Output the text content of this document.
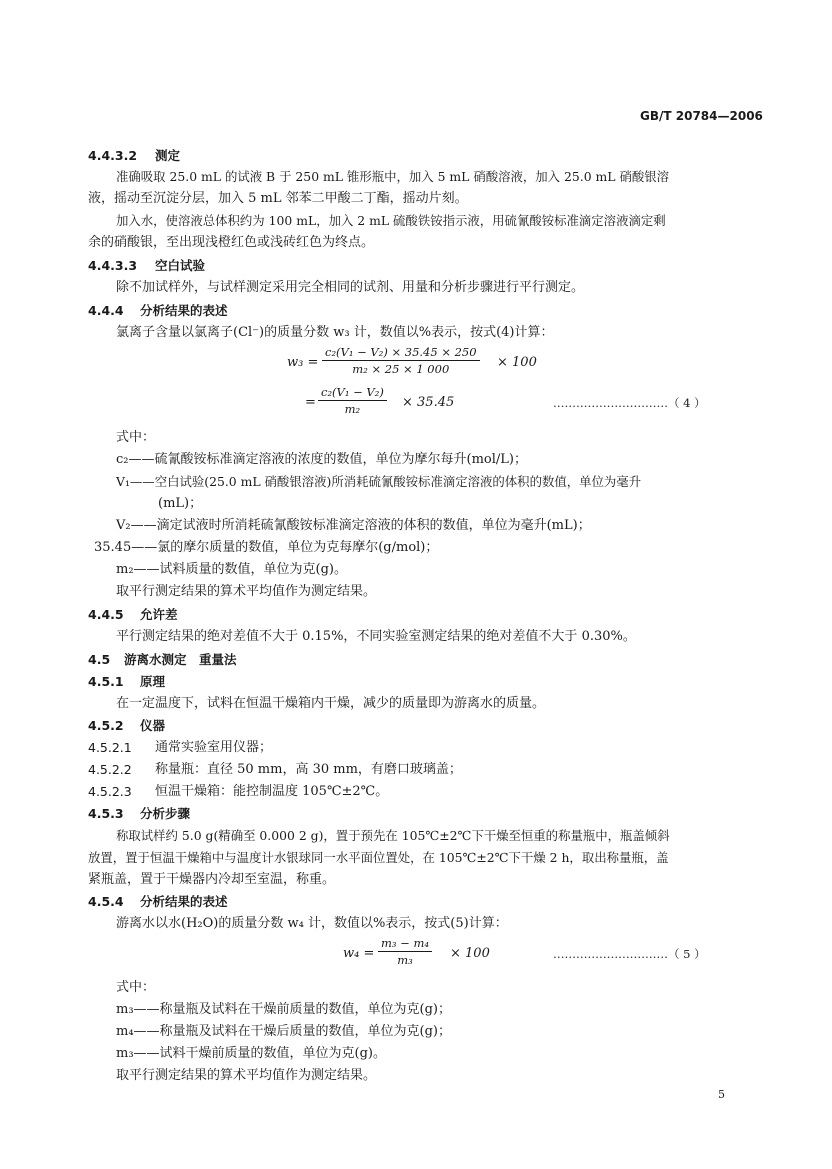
GB/T 20784—2006
4.4.3.2 测定
准确吸取 25.0 mL 的试液 B 于 250 mL 锥形瓶中，加入 5 mL 硝酸溶液，加入 25.0 mL 硝酸银溶
液，摇动至沉淀分层，加入 5 mL 邻苯二甲酸二丁酯，摇动片刻。
加入水，使溶液总体积约为 100 mL，加入 2 mL 硫酸铁铵指示液，用硫氰酸铵标准滴定溶液滴定剩
余的硝酸银，至出现浅橙红色或浅砖红色为终点。
4.4.3.3 空白试验
除不加试样外，与试样测定采用完全相同的试剂、用量和分析步骤进行平行测定。
4.4.4 分析结果的表述
氯离子含量以氯离子(Cl⁻)的质量分数 w₃ 计，数值以%表示，按式(4)计算：
$w_3 = \frac{\text{c₂(V₁ − V₂) × 35.45 × 250}}{\text{m₂ × 25 × 1 000}} \times 100$
= $\frac{\text{c₂(V₁ − V₂)}}{\text{m₂}} \times 35.45$	…………………………（ 4 ）
式中：
c₂——硫氰酸铵标准滴定溶液的浓度的数值，单位为摩尔每升(mol/L)；
V₁——空白试验(25.0 mL 硝酸银溶液)所消耗硫氰酸铵标准滴定溶液的体积的数值，单位为毫升
(mL)；
V₂——滴定试液时所消耗硫氰酸铵标准滴定溶液的体积的数值，单位为毫升(mL)；
35.45——氯的摩尔质量的数值，单位为克每摩尔(g/mol)；
m₂——试料质量的数值，单位为克(g)。
取平行测定结果的算术平均值作为测定结果。
4.4.5 允许差
平行测定结果的绝对差值不大于 0.15%，不同实验室测定结果的绝对差值不大于 0.30%。
4.5 游离水测定　重量法
4.5.1 原理
在一定温度下，试料在恒温干燥箱内干燥，减少的质量即为游离水的质量。
4.5.2 仪器
4.5.2.1 通常实验室用仪器；
4.5.2.2 称量瓶：直径 50 mm，高 30 mm，有磨口玻璃盖；
4.5.2.3 恒温干燥箱：能控制温度 105℃±2℃。
4.5.3 分析步骤
称取试样约 5.0 g(精确至 0.000 2 g)，置于预先在 105℃±2℃下干燥至恒重的称量瓶中，瓶盖倾斜
放置，置于恒温干燥箱中与温度计水银球同一水平面位置处，在 105℃±2℃下干燥 2 h，取出称量瓶，盖
紧瓶盖，置于干燥器内冷却至室温，称重。
4.5.4 分析结果的表述
游离水以水(H₂O)的质量分数 w₄ 计，数值以%表示，按式(5)计算：
$w_4 = \frac{\text{m₃ − m₄}}{\text{m₃}} \times 100$	…………………………（ 5 ）
式中：
m₃——称量瓶及试料在干燥前质量的数值，单位为克(g)；
m₄——称量瓶及试料在干燥后质量的数值，单位为克(g)；
m₃——试料干燥前质量的数值，单位为克(g)。
取平行测定结果的算术平均值作为测定结果。
5
